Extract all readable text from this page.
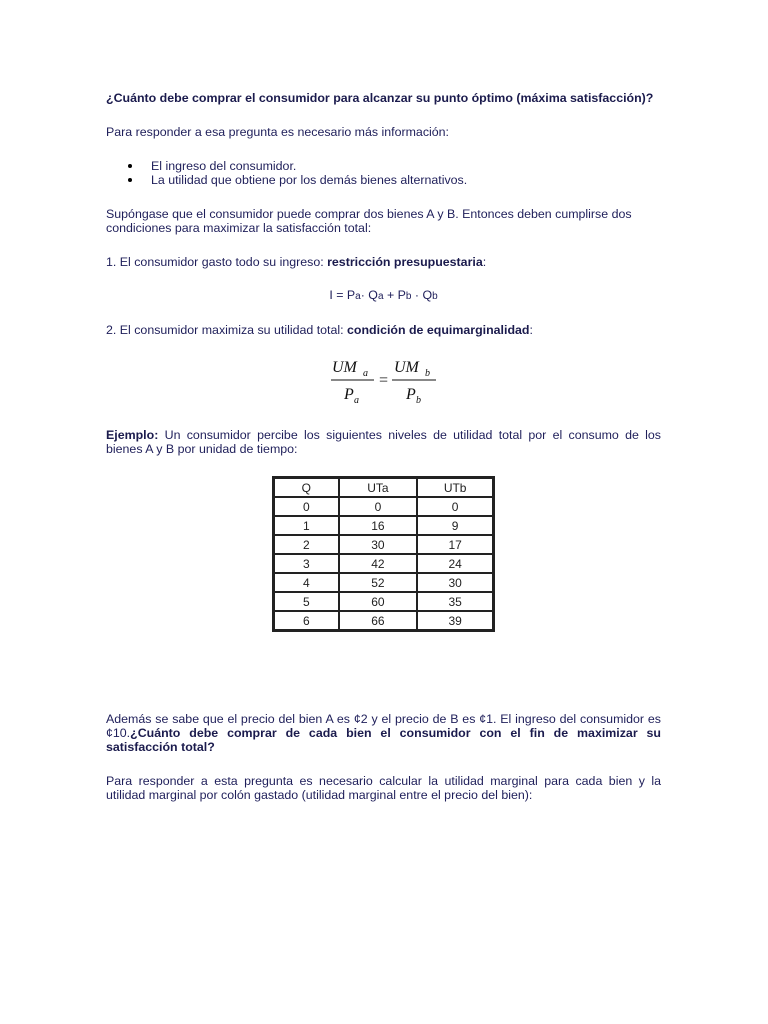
¿Cuánto debe comprar el consumidor para alcanzar su punto óptimo (máxima satisfacción)?
Para responder a esa pregunta es necesario más información:
El ingreso del consumidor.
La utilidad que obtiene por los demás bienes alternativos.
Supóngase que el consumidor puede comprar dos bienes A y B. Entonces deben cumplirse dos
condiciones para maximizar la satisfacción total:
1. El consumidor gasto todo su ingreso: restricción presupuestaria:
I = Pa· Qa + Pb · Qb
2. El consumidor maximiza su utilidad total: condición de equimarginalidad:
UM a
P a
=
UM b
P b
Ejemplo: Un consumidor percibe los siguientes niveles de utilidad total por el consumo de los
bienes A y B por unidad de tiempo:
Q	UTa	UTb
0	0	0
1	16	9
2	30	17
3	42	24
4	52	30
5	60	35
6	66	39
Además se sabe que el precio del bien A es ¢2 y el precio de B es ¢1. El ingreso del consumidor es
¢10.¿Cuánto debe comprar de cada bien el consumidor con el fin de maximizar su
satisfacción total?
Para responder a esta pregunta es necesario calcular la utilidad marginal para cada bien y la
utilidad marginal por colón gastado (utilidad marginal entre el precio del bien):
